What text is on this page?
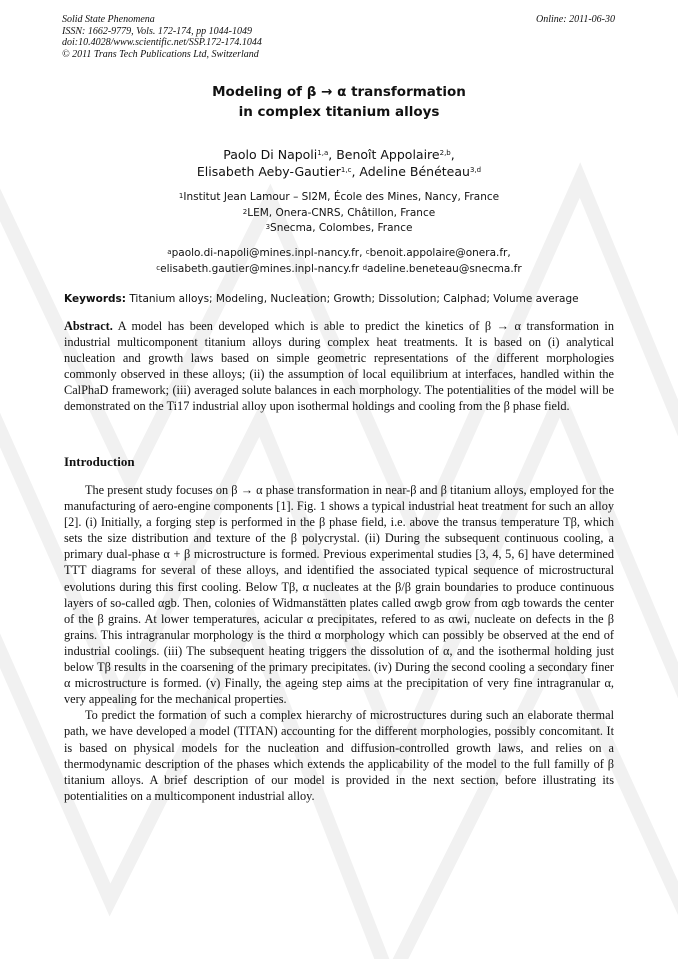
Solid State Phenomena
ISSN: 1662-9779, Vols. 172-174, pp 1044-1049
doi:10.4028/www.scientific.net/SSP.172-174.1044
© 2011 Trans Tech Publications Ltd, Switzerland
Online: 2011-06-30
Modeling of β → α transformation
in complex titanium alloys
Paolo Di Napoli$^{1,a}$, Benoît Appolaire$^{2,b}$,
Elisabeth Aeby-Gautier$^{1,c}$, Adeline Bénéteau$^{3,d}$
$^1$Institut Jean Lamour – SI2M, École des Mines, Nancy, France
$^2$LEM, Onera-CNRS, Châtillon, France
$^3$Snecma, Colombes, France
$^a$paolo.di-napoli@mines.inpl-nancy.fr, $^c$benoit.appolaire@onera.fr,
$^c$elisabeth.gautier@mines.inpl-nancy.fr $^d$adeline.beneteau@snecma.fr
Keywords: Titanium alloys; Modeling, Nucleation; Growth; Dissolution; Calphad; Volume average
Abstract. A model has been developed which is able to predict the kinetics of β → α transformation in industrial multicomponent titanium alloys during complex heat treatments. It is based on (i) analytical nucleation and growth laws based on simple geometric representations of the different morphologies commonly observed in these alloys; (ii) the assumption of local equilibrium at interfaces, handled within the CalPhaD framework; (iii) averaged solute balances in each morphology. The potentialities of the model will be demonstrated on the Ti17 industrial alloy upon isothermal holdings and cooling from the β phase field.
Introduction

The present study focuses on β → α phase transformation in near-β and β titanium alloys, employed for the manufacturing of aero-engine components [1]. Fig. 1 shows a typical industrial heat treatment for such an alloy [2]. (i) Initially, a forging step is performed in the β phase field, i.e. above the transus temperature Tβ, which sets the size distribution and texture of the β polycrystal. (ii) During the subsequent continuous cooling, a primary dual-phase α + β microstructure is formed. Previous experimental studies [3, 4, 5, 6] have determined TTT diagrams for several of these alloys, and identified the associated typical sequence of microstructural evolutions during this first cooling. Below Tβ, α nucleates at the β/β grain boundaries to produce continuous layers of so-called αgb. Then, colonies of Widmanstätten plates called αwgb grow from αgb towards the center of the β grains. At lower temperatures, acicular α precipitates, refered to as αwi, nucleate on defects in the β grains. This intragranular morphology is the third α morphology which can possibly be observed at the end of industrial coolings. (iii) The subsequent heating triggers the dissolution of α, and the isothermal holding just below Tβ results in the coarsening of the primary precipitates. (iv) During the second cooling a secondary finer α microstructure is formed. (v) Finally, the ageing step aims at the precipitation of very fine intragranular α, very appealing for the mechanical properties.

To predict the formation of such a complex hierarchy of microstructures during such an elaborate thermal path, we have developed a model (TITAN) accounting for the different morphologies, possibly concomitant. It is based on physical models for the nucleation and diffusion-controlled growth laws, and relies on a thermodynamic description of the phases which extends the applicability of the model to the full familly of β titanium alloys. A brief description of our model is provided in the next section, before illustrating its potentialities on a multicomponent industrial alloy.
